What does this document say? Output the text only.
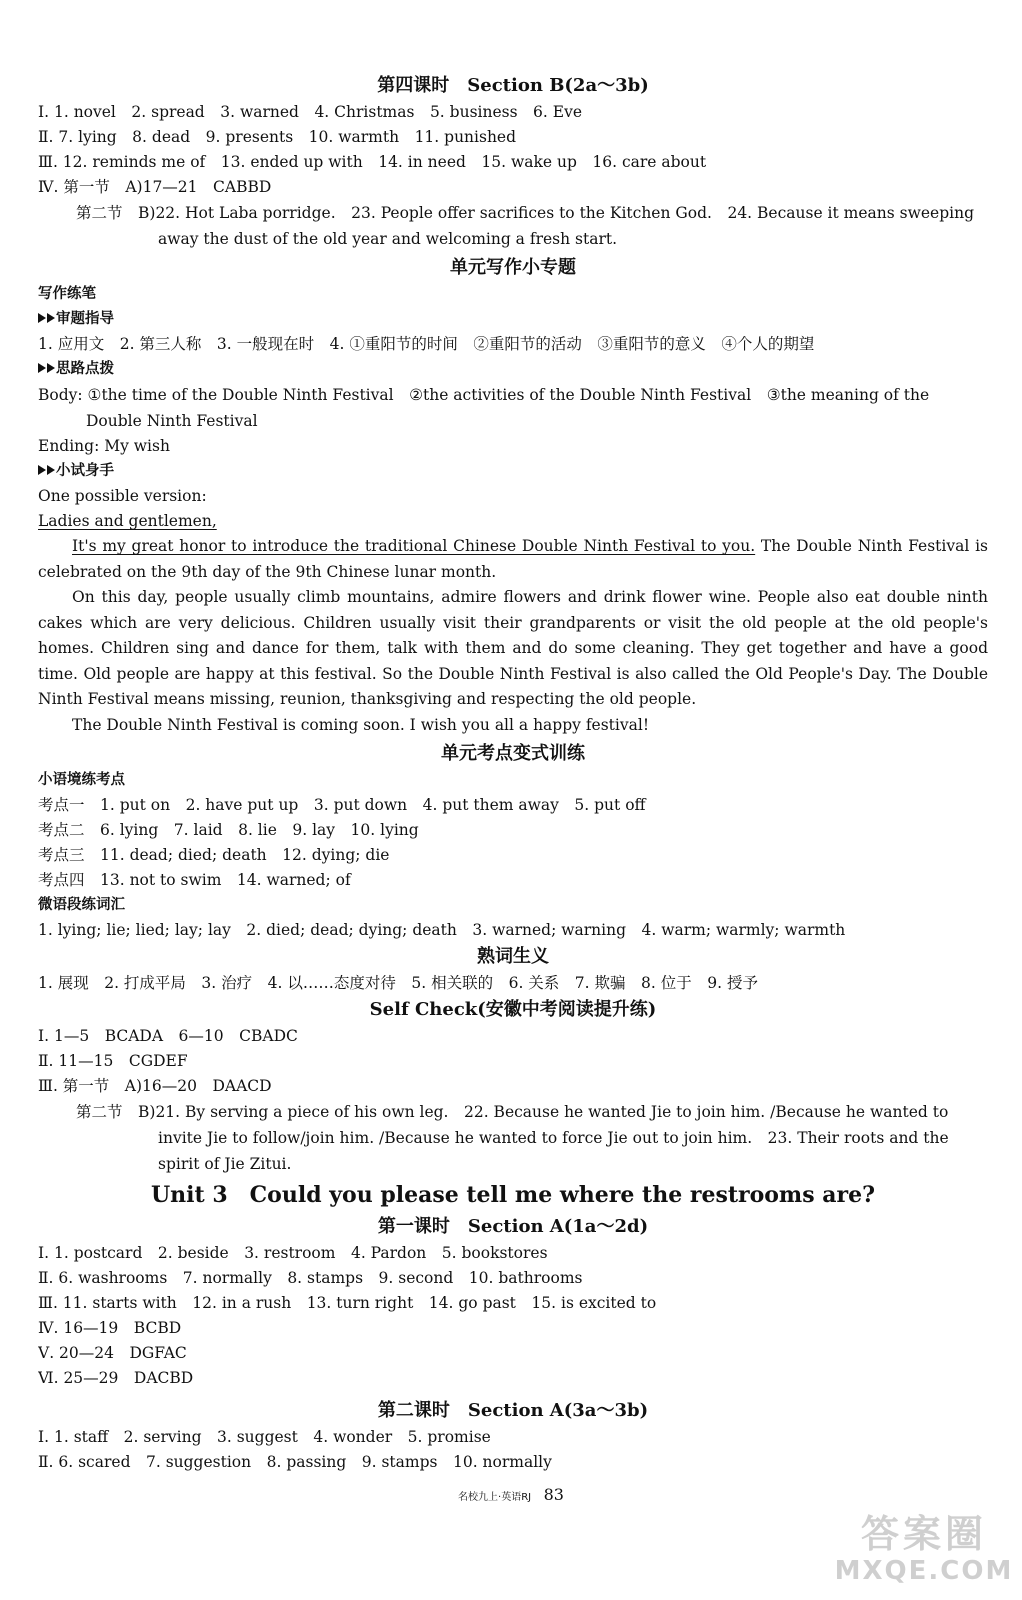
第四课时　Section B(2a～3b)
Ⅰ. 1. novel　2. spread　3. warned　4. Christmas　5. business　6. Eve
Ⅱ. 7. lying　8. dead　9. presents　10. warmth　11. punished
Ⅲ. 12. reminds me of　13. ended up with　14. in need　15. wake up　16. care about
Ⅳ. 第一节　A)17—21　CABBD
第二节　B)22. Hot Laba porridge.　23. People offer sacrifices to the Kitchen God.　24. Because it means sweeping away the dust of the old year and welcoming a fresh start.
单元写作小专题
写作练笔
审题指导
1. 应用文　2. 第三人称　3. 一般现在时　4. ①重阳节的时间　②重阳节的活动　③重阳节的意义　④个人的期望
思路点拨
Body: ①the time of the Double Ninth Festival　②the activities of the Double Ninth Festival　③the meaning of the Double Ninth Festival
Ending: My wish
小试身手
One possible version:
Ladies and gentlemen,
It's my great honor to introduce the traditional Chinese Double Ninth Festival to you. The Double Ninth Festival is celebrated on the 9th day of the 9th Chinese lunar month.
On this day, people usually climb mountains, admire flowers and drink flower wine. People also eat double ninth cakes which are very delicious. Children usually visit their grandparents or visit the old people at the old people's homes. Children sing and dance for them, talk with them and do some cleaning. They get together and have a good time. Old people are happy at this festival. So the Double Ninth Festival is also called the Old People's Day. The Double Ninth Festival means missing, reunion, thanksgiving and respecting the old people.
The Double Ninth Festival is coming soon. I wish you all a happy festival!
单元考点变式训练
小语境练考点
考点一　1. put on　2. have put up　3. put down　4. put them away　5. put off
考点二　6. lying　7. laid　8. lie　9. lay　10. lying
考点三　11. dead; died; death　12. dying; die
考点四　13. not to swim　14. warned; of
微语段练词汇
1. lying; lie; lied; lay; lay　2. died; dead; dying; death　3. warned; warning　4. warm; warmly; warmth
熟词生义
1. 展现　2. 打成平局　3. 治疗　4. 以……态度对待　5. 相关联的　6. 关系　7. 欺骗　8. 位于　9. 授予
Self Check(安徽中考阅读提升练)
Ⅰ. 1—5　BCADA　6—10　CBADC
Ⅱ. 11—15　CGDEF
Ⅲ. 第一节　A)16—20　DAACD
第二节　B)21. By serving a piece of his own leg.　22. Because he wanted Jie to join him. /Because he wanted to invite Jie to follow/join him. /Because he wanted to force Jie out to join him.　23. Their roots and the spirit of Jie Zitui.
Unit 3　Could you please tell me where the restrooms are?
第一课时　Section A(1a～2d)
Ⅰ. 1. postcard　2. beside　3. restroom　4. Pardon　5. bookstores
Ⅱ. 6. washrooms　7. normally　8. stamps　9. second　10. bathrooms
Ⅲ. 11. starts with　12. in a rush　13. turn right　14. go past　15. is excited to
Ⅳ. 16—19　BCBD
Ⅴ. 20—24　DGFAC
Ⅵ. 25—29　DACBD
第二课时　Section A(3a～3b)
Ⅰ. 1. staff　2. serving　3. suggest　4. wonder　5. promise
Ⅱ. 6. scared　7. suggestion　8. passing　9. stamps　10. normally
名校九上·英语RJ 83
答案圈
MXQE.COM
